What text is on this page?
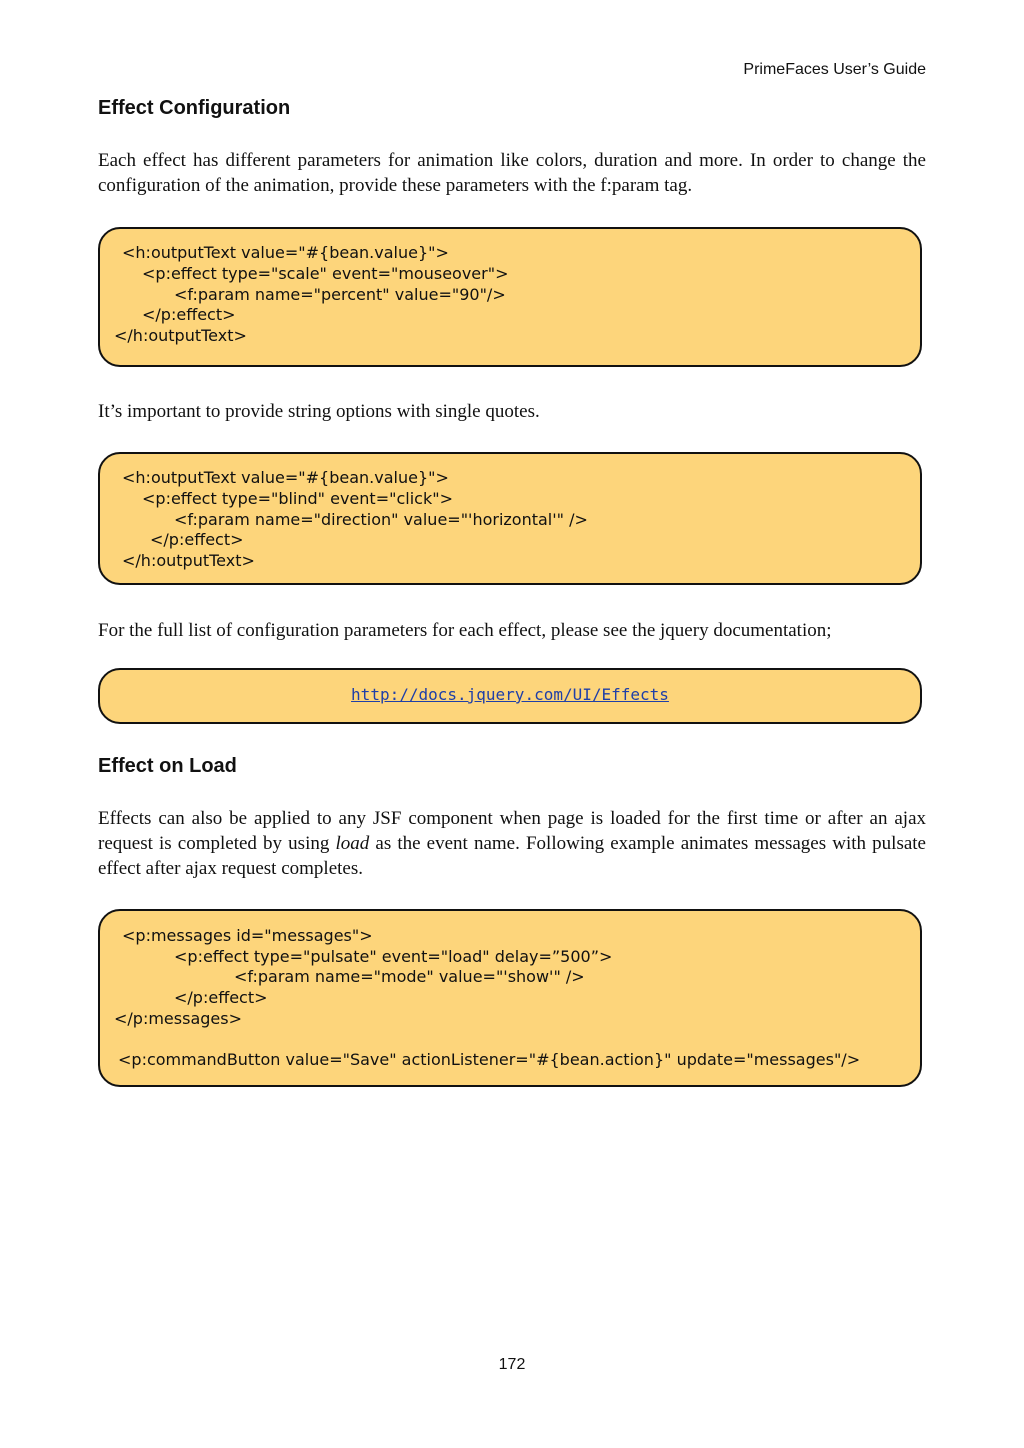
PrimeFaces User’s Guide
Effect Configuration

Each effect has different parameters for animation like colors, duration and more. In order to change the configuration of the animation, provide these parameters with the f:param tag.

<h:outputText value="#{bean.value}">
<p:effect type="scale" event="mouseover">
<f:param name="percent" value="90"/>
</p:effect>
</h:outputText>

It’s important to provide string options with single quotes.

<h:outputText value="#{bean.value}">
<p:effect type="blind" event="click">
<f:param name="direction" value="'horizontal'" />
</p:effect>
</h:outputText>

For the full list of configuration parameters for each effect, please see the jquery documentation;

http://docs.jquery.com/UI/Effects
Effect on Load

Effects can also be applied to any JSF component when page is loaded for the first time or after an ajax request is completed by using load as the event name. Following example animates messages with pulsate effect after ajax request completes.

<p:messages id="messages">
<p:effect type="pulsate" event="load" delay=”500”>
<f:param name="mode" value="'show'" />
</p:effect>
</p:messages>
<p:commandButton value="Save" actionListener="#{bean.action}" update="messages"/>
172
